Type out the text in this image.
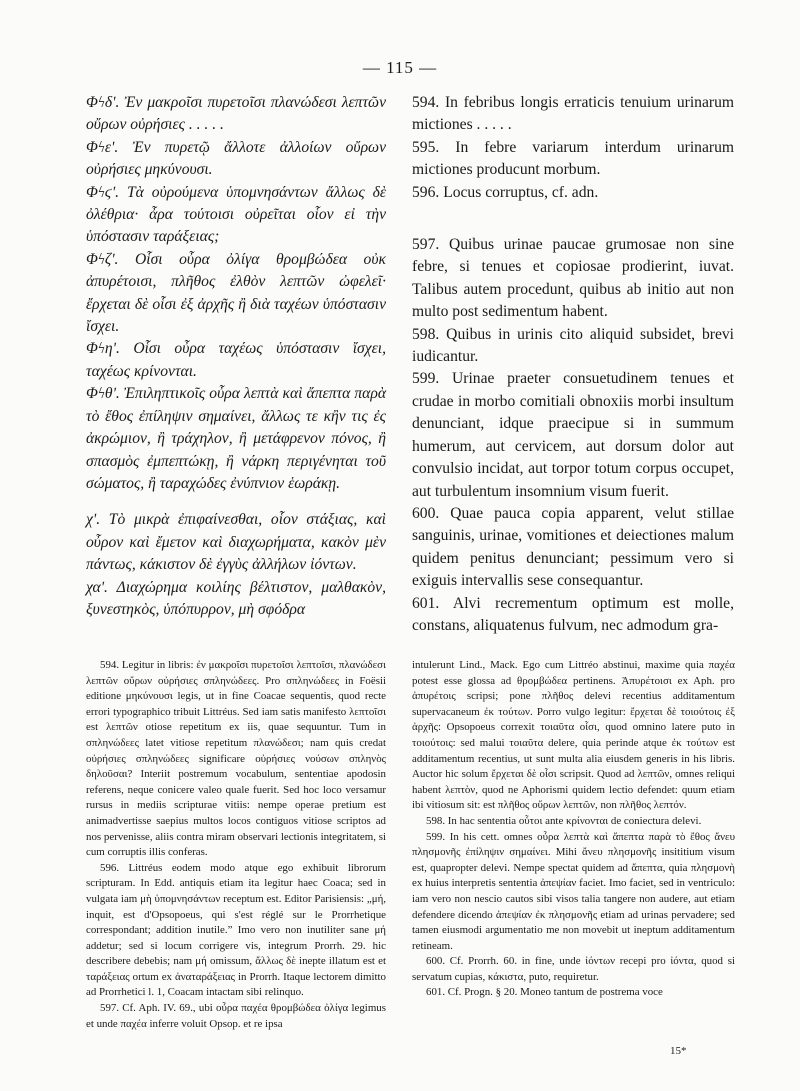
— 115 —

Φϟδʹ. Ἐν μακροῖσι πυρετοῖσι πλανώδεσι λεπτῶν οὔρων οὐρήσιες . . . . .

Φϟεʹ. Ἐν πυρετῷ ἄλλοτε ἀλλοίων οὔρων οὐρήσιες μηκύνουσι.

Φϟϛʹ. Τὰ οὐρούμενα ὑπομνησάντων ἄλλως δὲ ὀλέθρια· ἆρα τούτοισι οὐρεῖται οἷον εἰ τὴν ὑπόστασιν ταράξειας;

Φϟζʹ. Οἷσι οὖρα ὀλίγα θρομβώδεα οὐκ ἀπυρέτοισι, πλῆθος ἐλθὸν λεπτῶν ὠφελεῖ· ἔρχεται δὲ οἷσι ἐξ ἀρχῆς ἢ διὰ ταχέων ὑπόστασιν ἴσχει.

Φϟηʹ. Οἷσι οὖρα ταχέως ὑπόστασιν ἴσχει, ταχέως κρίνονται.

Φϟθʹ. Ἐπιληπτικοῖς οὖρα λεπτὰ καὶ ἄπεπτα παρὰ τὸ ἔθος ἐπίληψιν σημαίνει, ἄλλως τε κἢν τις ἐς ἀκρώμιον, ἢ τράχηλον, ἢ μετάφρενον πόνος, ἢ σπασμὸς ἐμπεπτώκῃ, ἢ νάρκη περιγένηται τοῦ σώματος, ἢ ταραχώδες ἐνύπνιον ἑωράκῃ.

χʹ. Τὸ μικρὰ ἐπιφαίνεσθαι, οἷον στάξιας, καὶ οὖρον καὶ ἔμετον καὶ διαχωρήματα, κακὸν μὲν πάντως, κάκιστον δὲ ἐγγὺς ἀλλήλων ἰόντων.

χαʹ. Διαχώρημα κοιλίης βέλτιστον, μαλθακὸν, ξυνεστηκὸς, ὑπόπυρρον, μὴ σφόδρα

594. In febribus longis erraticis tenuium urinarum mictiones . . . . .

595. In febre variarum interdum urinarum mictiones producunt morbum.

596. Locus corruptus, cf. adn.

597. Quibus urinae paucae grumosae non sine febre, si tenues et copiosae prodierint, iuvat. Talibus autem procedunt, quibus ab initio aut non multo post sedimentum habent.

598. Quibus in urinis cito aliquid subsidet, brevi iudicantur.

599. Urinae praeter consuetudinem tenues et crudae in morbo comitiali obnoxiis morbi insultum denunciant, idque praecipue si in summum humerum, aut cervicem, aut dorsum dolor aut convulsio incidat, aut torpor totum corpus occupet, aut turbulentum insomnium visum fuerit.

600. Quae pauca copia apparent, velut stillae sanguinis, urinae, vomitiones et deiectiones malum quidem penitus denunciant; pessimum vero si exiguis intervallis sese consequantur.

601. Alvi recrementum optimum est molle, constans, aliquatenus fulvum, nec admodum gra-

594. Legitur in libris: ἐν μακροῖσι πυρετοῖσι λεπτοῖσι, πλανώδεσι λεπτῶν οὔρων οὐρήσιες σπληνώδεες. Pro σπληνώδεες in Foësii editione μηκύνουσι legis, ut in fine Coacae sequentis, quod recte errori typographico tribuit Littréus. Sed iam satis manifesto λεπτοῖσι est λεπτῶν otiose repetitum ex iis, quae sequuntur. Tum in σπληνώδεες latet vitiose repetitum πλανώδεσι; nam quis credat οὐρήσιες σπληνώδεες significare οὐρήσιες νούσων σπληνὸς δηλοῦσαι? Interiit postremum vocabulum, sententiae apodosin referens, neque conicere valeo quale fuerit. Sed hoc loco versamur rursus in mediis scripturae vitiis: nempe operae pretium est animadvertisse saepius multos locos contiguos vitiose scriptos ad nos pervenisse, aliis contra miram observari lectionis integritatem, si cum corruptis illis conferas.

596. Littréus eodem modo atque ego exhibuit librorum scripturam. In Edd. antiquis etiam ita legitur haec Coaca; sed in vulgata iam μὴ ὑπομνησάντων receptum est. Editor Parisiensis: „μή, inquit, est d'Opsopoeus, qui s'est réglé sur le Prorrhetique correspondant; addition inutile.” Imo vero non inutiliter sane μή addetur; sed si locum corrigere vis, integrum Prorrh. 29. hic describere debebis; nam μή omissum, ἄλλως δὲ inepte illatum est et ταράξειας ortum ex ἀναταράξειας in Prorrh. Itaque lectorem dimitto ad Prorrhetici l. 1, Coacam intactam sibi relinquo.

597. Cf. Aph. IV. 69., ubi οὖρα παχέα θρομβώδεα ὀλίγα legimus et unde παχέα inferre voluit Opsop. et re ipsa

intulerunt Lind., Mack. Ego cum Littréo abstinui, maxime quia παχέα potest esse glossa ad θρομβώδεα pertinens. Ἀπυρέτοισι ex Aph. pro ἀπυρέτοις scripsi; pone πλῆθος delevi recentius additamentum supervacaneum ἐκ τούτων. Porro vulgo legitur: ἔρχεται δὲ τοιούτοις ἐξ ἀρχῆς: Opsopoeus correxit τοιαῦτα οἷσι, quod omnino latere puto in τοιούτοις: sed malui τοιαῦτα delere, quia perinde atque ἐκ τούτων est additamentum recentius, ut sunt multa alia eiusdem generis in his libris. Auctor hic solum ἔρχεται δὲ οἷσι scripsit. Quod ad λεπτῶν, omnes reliqui habent λεπτὸν, quod ne Aphorismi quidem lectio defendet: quum etiam ibi vitiosum sit: est πλῆθος οὔρων λεπτῶν, non πλῆθος λεπτόν.

598. In hac sententia οὗτοι ante κρίνονται de coniectura delevi.

599. In his cett. omnes οὖρα λεπτὰ καὶ ἄπεπτα παρὰ τὸ ἔθος ἄνευ πλησμονῆς ἐπίληψιν σημαίνει. Mihi ἄνευ πλησμονῆς insititium visum est, quapropter delevi. Nempe spectat quidem ad ἄπεπτα, quia πλησμονὴ ex huius interpretis sententia ἀπεψίαν faciet. Imo faciet, sed in ventriculo: iam vero non nescio cautos sibi visos talia tangere non audere, aut etiam defendere dicendo ἀπεψίαν ἐκ πλησμονῆς etiam ad urinas pervadere; sed tamen eiusmodi argumentatio me non movebit ut ineptum additamentum retineam.

600. Cf. Prorrh. 60. in fine, unde ἰόντων recepi pro ἰόντα, quod si servatum cupias, κάκιστα, puto, requiretur.

601. Cf. Progn. § 20. Moneo tantum de postrema voce

15*
